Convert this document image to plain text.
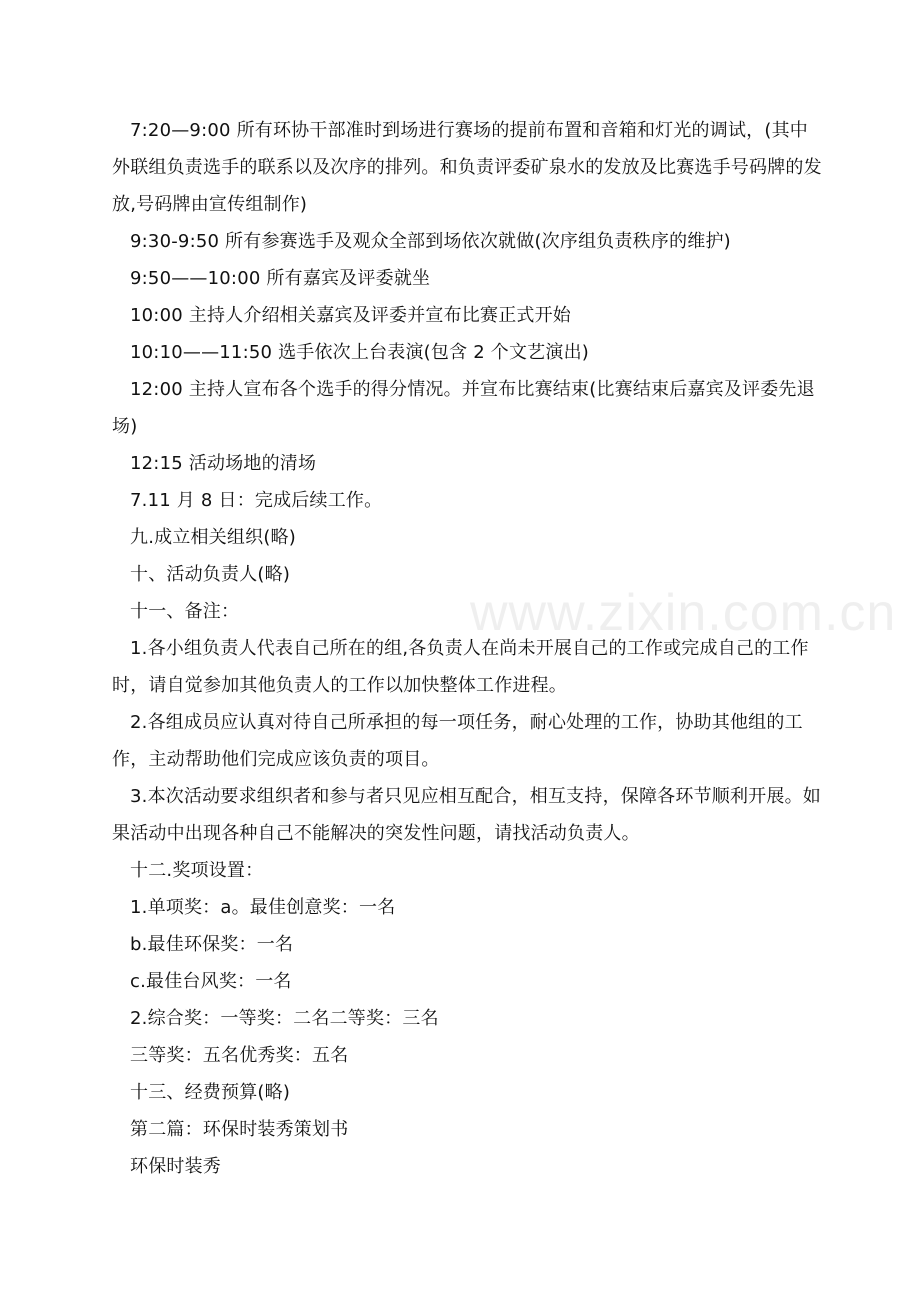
www.zixin.com.cn

7:20—9:00 所有环协干部准时到场进行赛场的提前布置和音箱和灯光的调试，(其中外联组负责选手的联系以及次序的排列。和负责评委矿泉水的发放及比赛选手号码牌的发放,号码牌由宣传组制作)

9:30-9:50 所有参赛选手及观众全部到场依次就做(次序组负责秩序的维护)

9:50——10:00 所有嘉宾及评委就坐

10:00 主持人介绍相关嘉宾及评委并宣布比赛正式开始

10:10——11:50 选手依次上台表演(包含 2 个文艺演出)

12:00 主持人宣布各个选手的得分情况。并宣布比赛结束(比赛结束后嘉宾及评委先退场)

12:15 活动场地的清场

7.11 月 8 日：完成后续工作。

九.成立相关组织(略)

十、活动负责人(略)

十一、备注：

1.各小组负责人代表自己所在的组,各负责人在尚未开展自己的工作或完成自己的工作时，请自觉参加其他负责人的工作以加快整体工作进程。

2.各组成员应认真对待自己所承担的每一项任务，耐心处理的工作，协助其他组的工作，主动帮助他们完成应该负责的项目。

3.本次活动要求组织者和参与者只见应相互配合，相互支持，保障各环节顺利开展。如果活动中出现各种自己不能解决的突发性问题，请找活动负责人。

十二.奖项设置：

1.单项奖：a。最佳创意奖：一名

b.最佳环保奖：一名

c.最佳台风奖：一名

2.综合奖：一等奖：二名二等奖：三名

三等奖：五名优秀奖：五名

十三、经费预算(略)

第二篇：环保时装秀策划书

环保时装秀
